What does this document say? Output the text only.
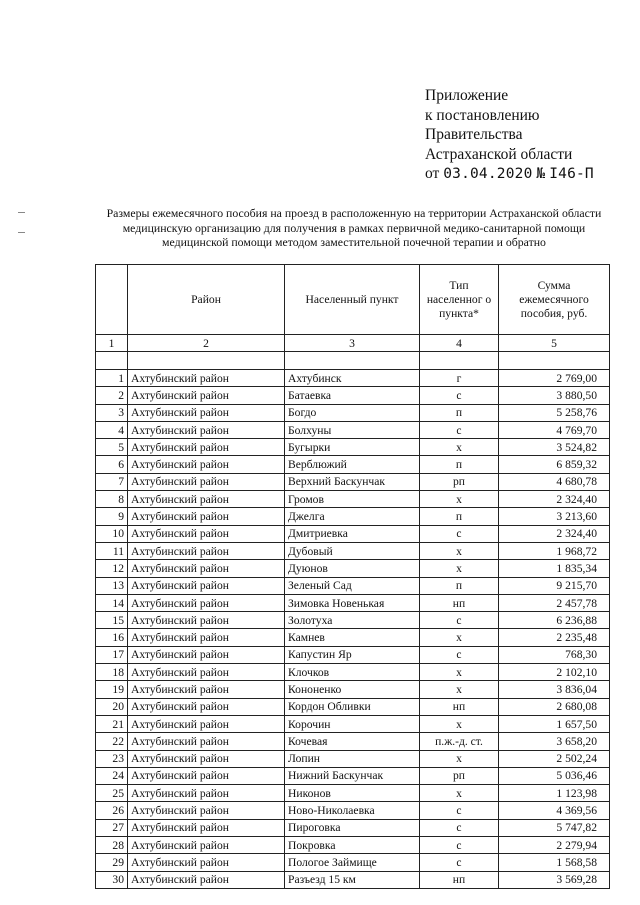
Приложение
к постановлению
Правительства
Астраханской области
от 03.04.2020 № I46-П
Размеры ежемесячного пособия на проезд в расположенную на территории Астраханской области медицинскую организацию для получения в рамках первичной медико-санитарной помощи медицинской помощи методом заместительной почечной терапии и обратно
	Район	Населенный пункт	Тип населенног о пункта*	Сумма ежемесячного пособия, руб.
1	2	3	4	5

1	Ахтубинский район	Ахтубинск	г	2 769,00
2	Ахтубинский район	Батаевка	с	3 880,50
3	Ахтубинский район	Богдо	п	5 258,76
4	Ахтубинский район	Болхуны	с	4 769,70
5	Ахтубинский район	Бугырки	х	3 524,82
6	Ахтубинский район	Верблюжий	п	6 859,32
7	Ахтубинский район	Верхний Баскунчак	рп	4 680,78
8	Ахтубинский район	Громов	х	2 324,40
9	Ахтубинский район	Джелга	п	3 213,60
10	Ахтубинский район	Дмитриевка	с	2 324,40
11	Ахтубинский район	Дубовый	х	1 968,72
12	Ахтубинский район	Дуюнов	х	1 835,34
13	Ахтубинский район	Зеленый Сад	п	9 215,70
14	Ахтубинский район	Зимовка Новенькая	нп	2 457,78
15	Ахтубинский район	Золотуха	с	6 236,88
16	Ахтубинский район	Камнев	х	2 235,48
17	Ахтубинский район	Капустин Яр	с	768,30
18	Ахтубинский район	Клочков	х	2 102,10
19	Ахтубинский район	Кононенко	х	3 836,04
20	Ахтубинский район	Кордон Обливки	нп	2 680,08
21	Ахтубинский район	Корочин	х	1 657,50
22	Ахтубинский район	Кочевая	п.ж.-д. ст.	3 658,20
23	Ахтубинский район	Лопин	х	2 502,24
24	Ахтубинский район	Нижний Баскунчак	рп	5 036,46
25	Ахтубинский район	Никонов	х	1 123,98
26	Ахтубинский район	Ново-Николаевка	с	4 369,56
27	Ахтубинский район	Пироговка	с	5 747,82
28	Ахтубинский район	Покровка	с	2 279,94
29	Ахтубинский район	Пологое Займище	с	1 568,58
30	Ахтубинский район	Разъезд 15 км	нп	3 569,28
